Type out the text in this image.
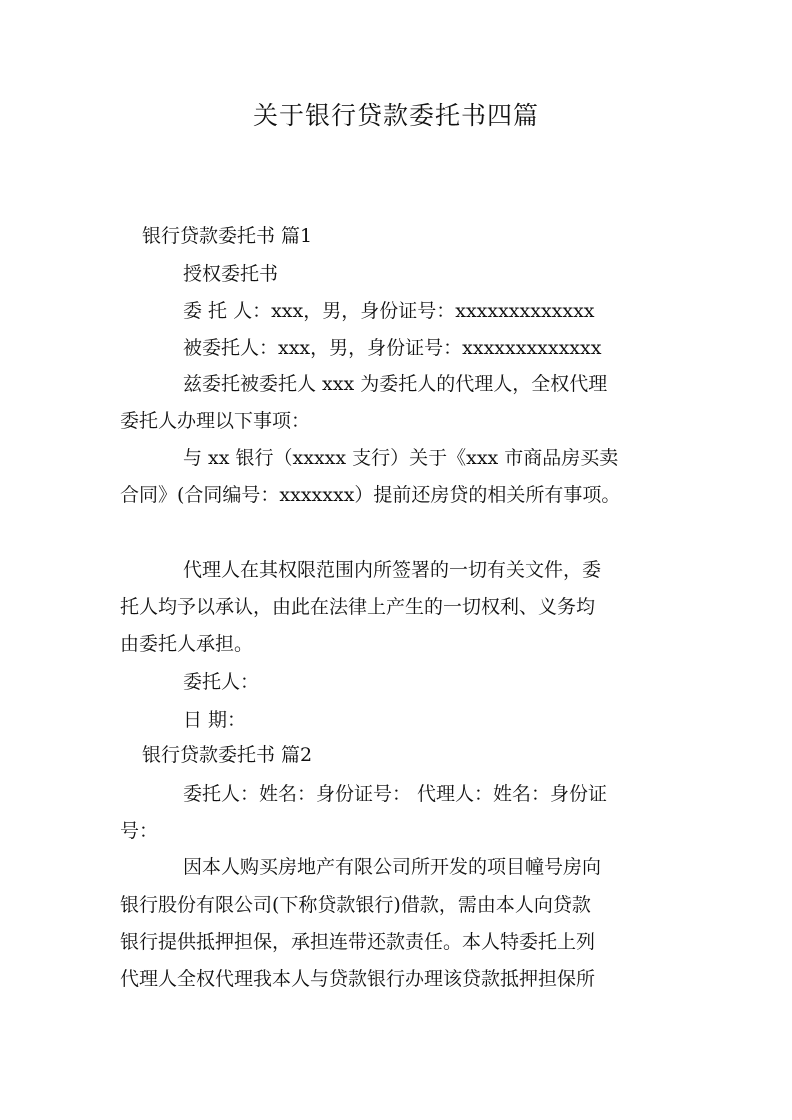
关于银行贷款委托书四篇
银行贷款委托书 篇1
授权委托书
委 托 人：xxx，男，身份证号：xxxxxxxxxxxxx
被委托人：xxx，男，身份证号：xxxxxxxxxxxxx
兹委托被委托人 xxx 为委托人的代理人，全权代理
委托人办理以下事项：
与 xx 银行（xxxxx 支行）关于《xxx 市商品房买卖
合同》(合同编号：xxxxxxx）提前还房贷的相关所有事项。
代理人在其权限范围内所签署的一切有关文件，委
托人均予以承认，由此在法律上产生的一切权利、义务均
由委托人承担。
委托人：
日 期：
银行贷款委托书 篇2
委托人：姓名：身份证号： 代理人：姓名：身份证
号：
因本人购买房地产有限公司所开发的项目幢号房向
银行股份有限公司(下称贷款银行)借款，需由本人向贷款
银行提供抵押担保，承担连带还款责任。本人特委托上列
代理人全权代理我本人与贷款银行办理该贷款抵押担保所
